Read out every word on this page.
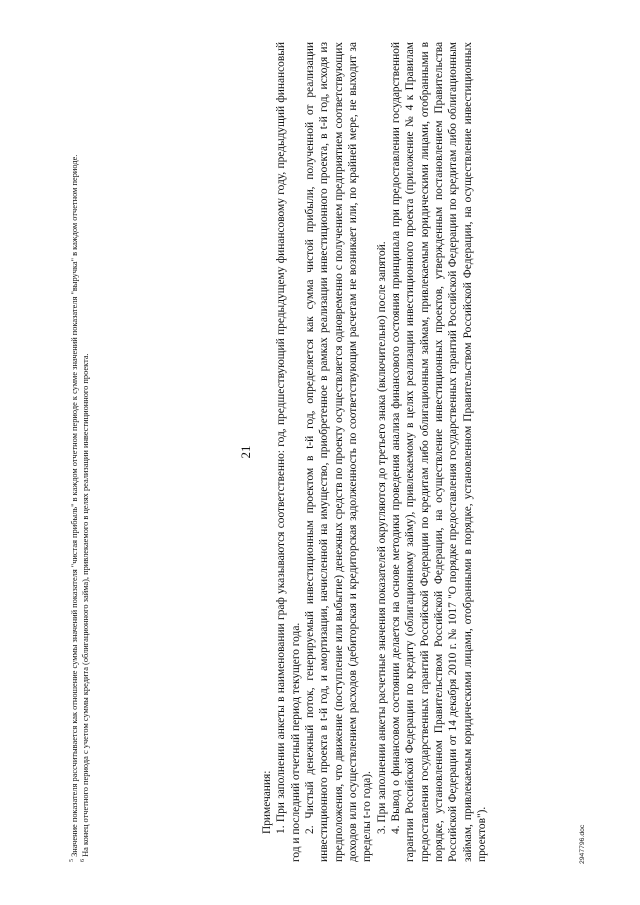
$^5$ Значение показателя рассчитывается как отношение суммы значений показателя "чистая прибыль" в каждом отчетном периоде к сумме значений показателя "выручка" в каждом отчетном периоде.

$^6$ На конец отчетного периода с учетом суммы кредита (облигационного займа), привлекаемого в целях реализации инвестиционного проекта.	21

Примечания: 1. При заполнении анкеты в наименовании граф указываются соответственно: год, предшествующий предыдущему финансовому году, предыдущий финансовый год и последний отчетный период текущего года. 2. Чистый денежный поток, генерируемый инвестиционным проектом в t-й год, определяется как сумма чистой прибыли, полученной от реализации инвестиционного проекта в t-й год, и амортизации, начисленной на имущество, приобретенное в рамках реализации инвестиционного проекта, в t-й год, исходя из предположения, что движение (поступление или выбытие) денежных средств по проекту осуществляется одновременно с получением предприятием соответствующих доходов или осуществлением расходов (дебиторская и кредиторская задолженность по соответствующим расчетам не возникает или, по крайней мере, не выходит за пределы t-го года). 3. При заполнении анкеты расчетные значения показателей округляются до третьего знака (включительно) после запятой. 4. Вывод о финансовом состоянии делается на основе методики проведения анализа финансового состояния принципала при предоставлении государственной гарантии Российской Федерации по кредиту (облигационному займу), привлекаемому в целях реализации инвестиционного проекта (приложение № 4 к Правилам предоставления государственных гарантий Российской Федерации по кредитам либо облигационным займам, привлекаемым юридическими лицами, отобранными в порядке, установленном Правительством Российской Федерации, на осуществление инвестиционных проектов, утвержденным постановлением Правительства Российской Федерации от 14 декабря 2010 г. № 1017 "О порядке предоставления государственных гарантий Российской Федерации по кредитам либо облигационным займам, привлекаемым юридическими лицами, отобранными в порядке, установленном Правительством Российской Федерации, на осуществление инвестиционных проектов").	2947796.doc
